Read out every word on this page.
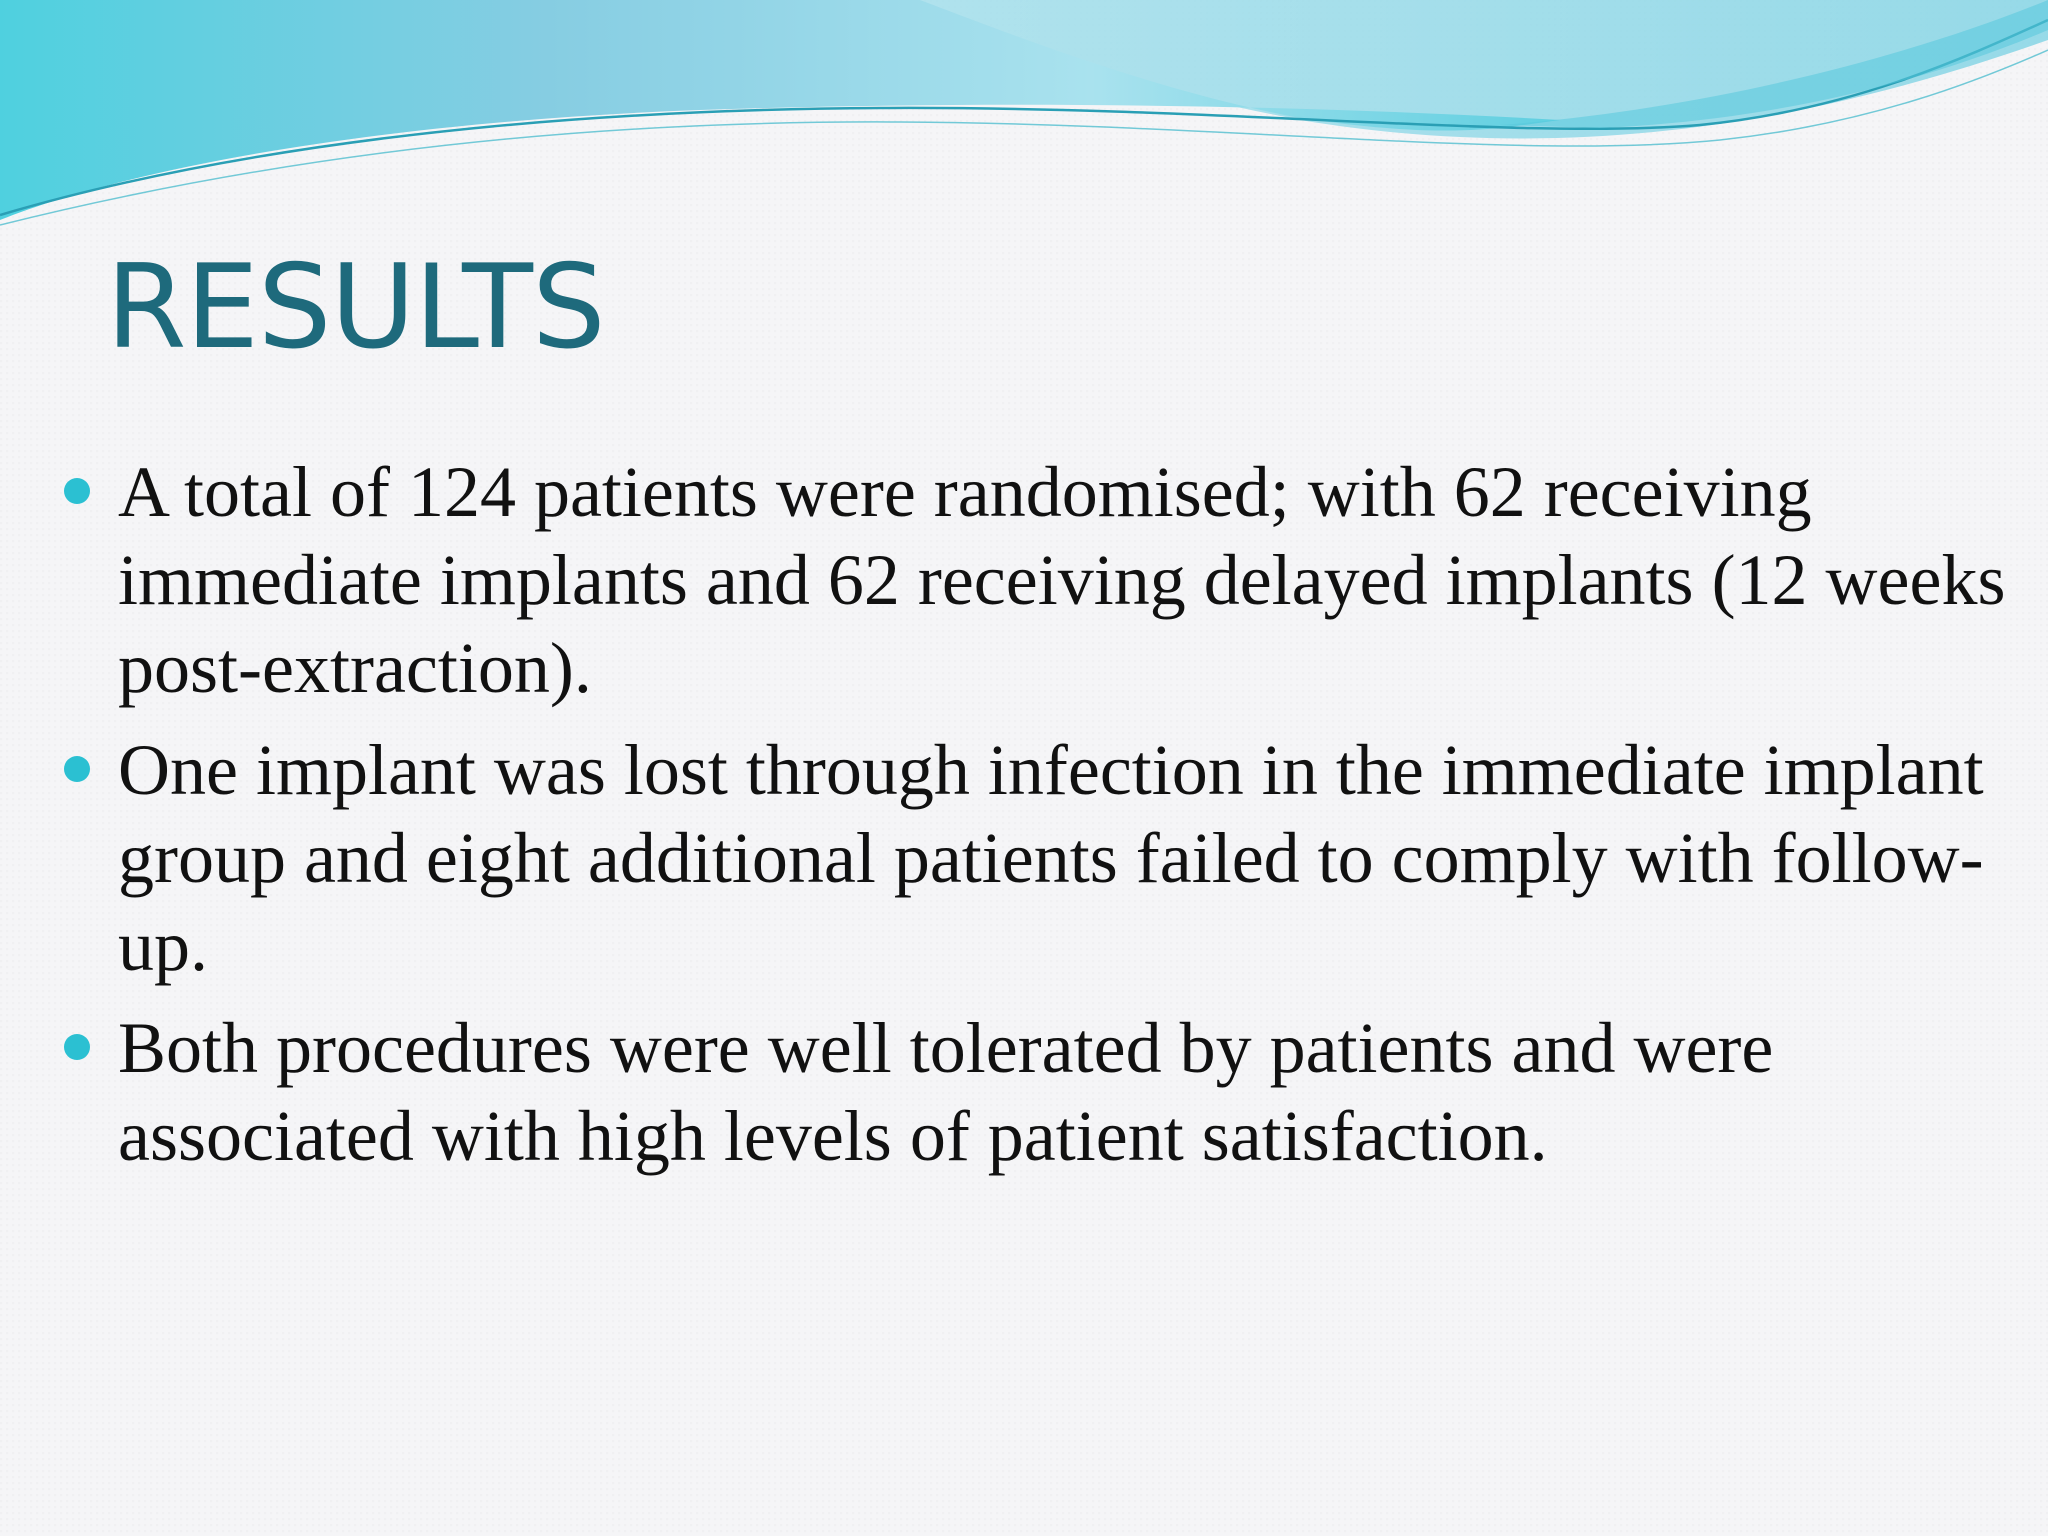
RESULTS
A total of 124 patients were randomised; with 62 receiving immediate implants and 62 receiving delayed implants (12 weeks post-extraction).
One implant was lost through infection in the immediate implant group and eight additional patients failed to comply with follow-up.
Both procedures were well tolerated by patients and were associated with high levels of patient satisfaction.
